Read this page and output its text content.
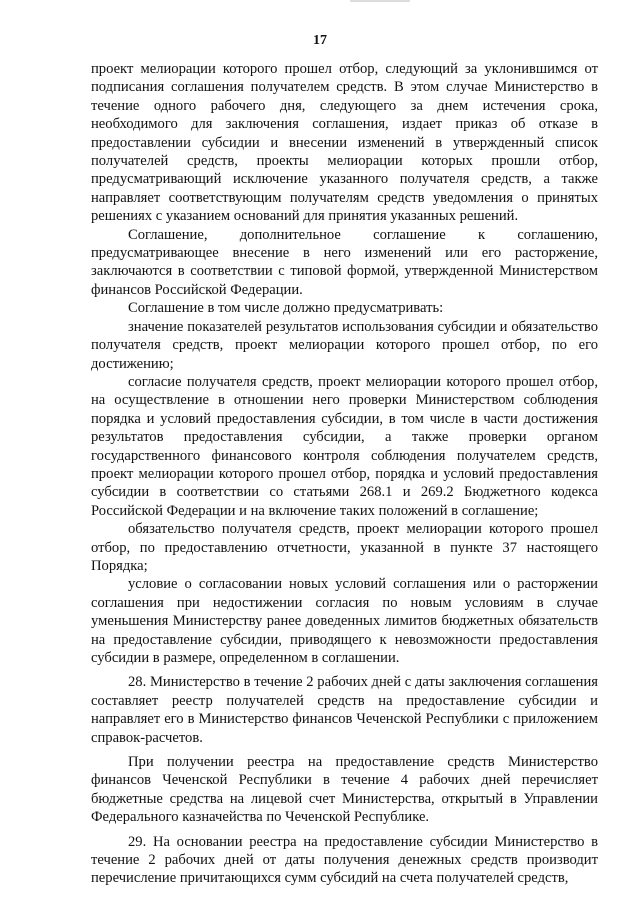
17

проект мелиорации которого прошел отбор, следующий за уклонившимся от подписания соглашения получателем средств. В этом случае Министерство в течение одного рабочего дня, следующего за днем истечения срока, необходимого для заключения соглашения, издает приказ об отказе в предоставлении субсидии и внесении изменений в утвержденный список получателей средств, проекты мелиорации которых прошли отбор, предусматривающий исключение указанного получателя средств, а также направляет соответствующим получателям средств уведомления о принятых решениях с указанием оснований для принятия указанных решений.

Соглашение, дополнительное соглашение к соглашению, предусматривающее внесение в него изменений или его расторжение, заключаются в соответствии с типовой формой, утвержденной Министерством финансов Российской Федерации.

Соглашение в том числе должно предусматривать:

значение показателей результатов использования субсидии и обязательство получателя средств, проект мелиорации которого прошел отбор, по его достижению;

согласие получателя средств, проект мелиорации которого прошел отбор, на осуществление в отношении него проверки Министерством соблюдения порядка и условий предоставления субсидии, в том числе в части достижения результатов предоставления субсидии, а также проверки органом государственного финансового контроля соблюдения получателем средств, проект мелиорации которого прошел отбор, порядка и условий предоставления субсидии в соответствии со статьями 268.1 и 269.2 Бюджетного кодекса Российской Федерации и на включение таких положений в соглашение;

обязательство получателя средств, проект мелиорации которого прошел отбор, по предоставлению отчетности, указанной в пункте 37 настоящего Порядка;

условие о согласовании новых условий соглашения или о расторжении соглашения при недостижении согласия по новым условиям в случае уменьшения Министерству ранее доведенных лимитов бюджетных обязательств на предоставление субсидии, приводящего к невозможности предоставления субсидии в размере, определенном в соглашении.

28. Министерство в течение 2 рабочих дней с даты заключения соглашения составляет реестр получателей средств на предоставление субсидии и направляет его в Министерство финансов Чеченской Республики с приложением справок-расчетов.

При получении реестра на предоставление средств Министерство финансов Чеченской Республики в течение 4 рабочих дней перечисляет бюджетные средства на лицевой счет Министерства, открытый в Управлении Федерального казначейства по Чеченской Республике.

29. На основании реестра на предоставление субсидии Министерство в течение 2 рабочих дней от даты получения денежных средств производит перечисление причитающихся сумм субсидий на счета получателей средств,
